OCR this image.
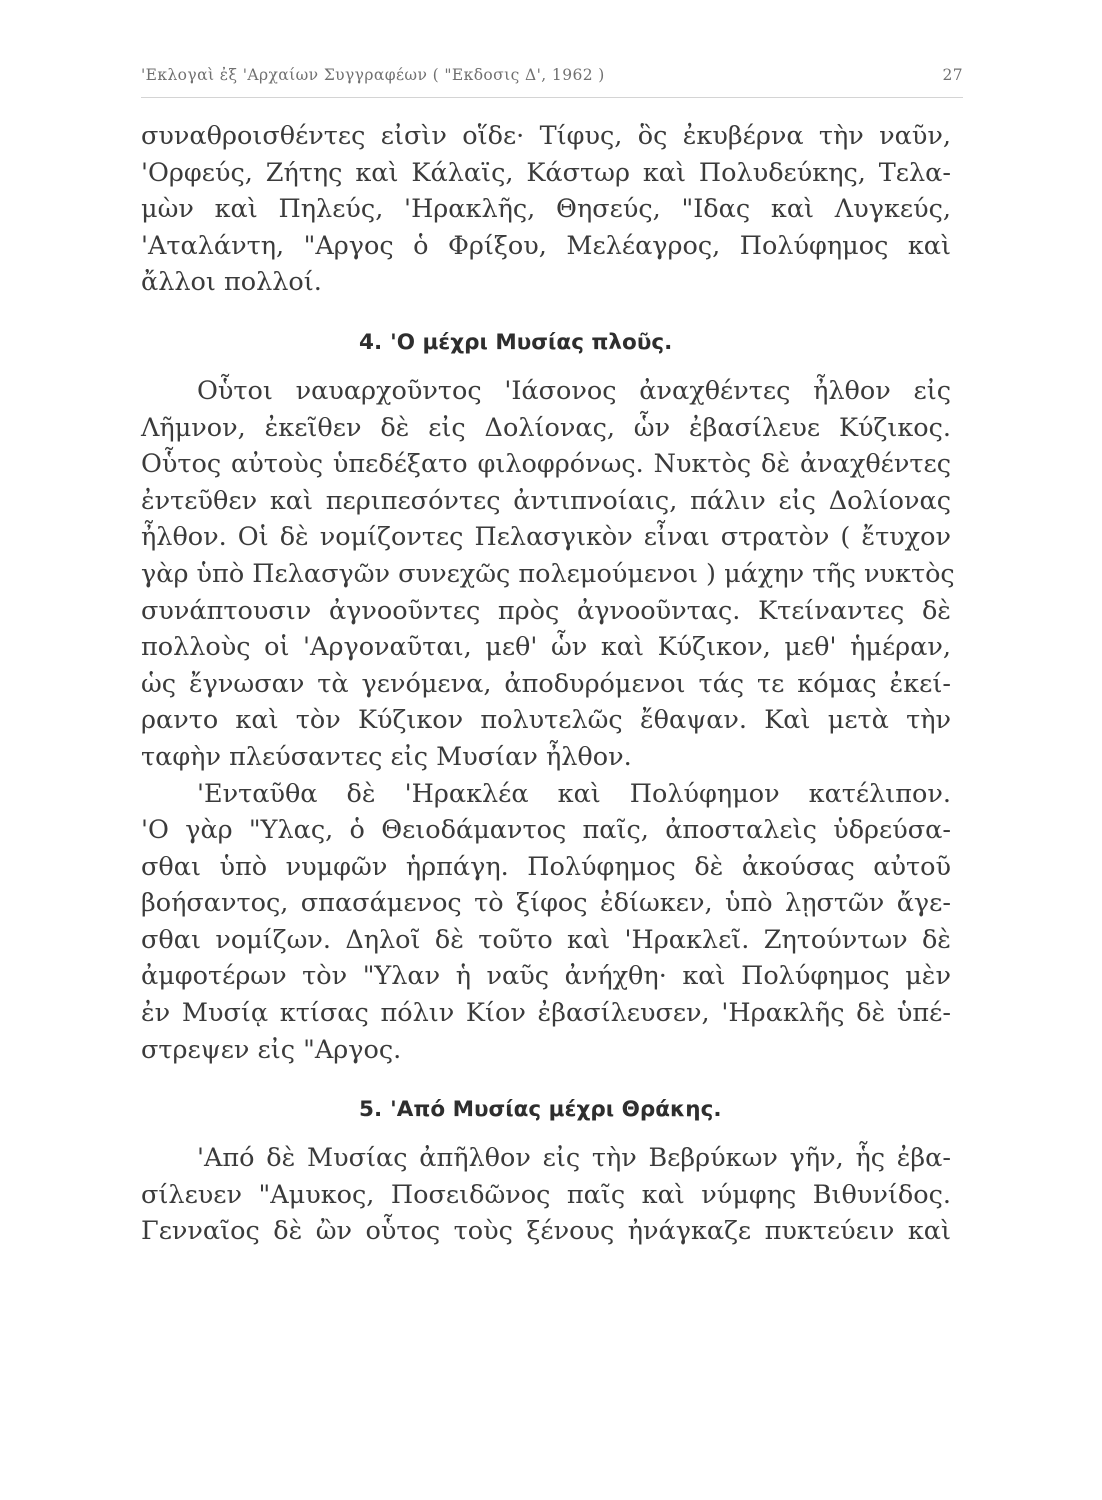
'Εκλογαὶ ἐξ 'Αρχαίων Συγγραφέων ( "Εκδοσις Δ', 1962 )	27

συναθροισθέντες εἰσὶν οἵδε· Τίφυς, ὃς ἐκυβέρνα τὴν ναῦν,
'Ορφεύς, Ζήτης καὶ Κάλαϊς, Κάστωρ καὶ Πολυδεύκης, Τελα-
μὼν καὶ Πηλεύς, 'Ηρακλῆς, Θησεύς, "Ιδας καὶ Λυγκεύς,
'Αταλάντη, "Αργος ὁ Φρίξου, Μελέαγρος, Πολύφημος καὶ
ἄλλοι πολλοί.

4. 'Ο μέχρι Μυσίας πλοῦς.

Οὗτοι ναυαρχοῦντος 'Ιάσονος ἀναχθέντες ἦλθον εἰς
Λῆμνον, ἐκεῖθεν δὲ εἰς Δολίονας, ὧν ἐβασίλευε Κύζικος.
Οὗτος αὐτοὺς ὑπεδέξατο φιλοφρόνως. Νυκτὸς δὲ ἀναχθέντες
ἐντεῦθεν καὶ περιπεσόντες ἀντιπνοίαις, πάλιν εἰς Δολίονας
ἦλθον. Οἱ δὲ νομίζοντες Πελασγικὸν εἶναι στρατὸν ( ἔτυχον
γὰρ ὑπὸ Πελασγῶν συνεχῶς πολεμούμενοι ) μάχην τῆς νυκτὸς
συνάπτουσιν ἀγνοοῦντες πρὸς ἀγνοοῦντας. Κτείναντες δὲ
πολλοὺς οἱ 'Αργοναῦται, μεθ' ὧν καὶ Κύζικον, μεθ' ἡμέραν,
ὡς ἔγνωσαν τὰ γενόμενα, ἀποδυρόμενοι τάς τε κόμας ἐκεί-
ραντο καὶ τὸν Κύζικον πολυτελῶς ἔθαψαν. Καὶ μετὰ τὴν
ταφὴν πλεύσαντες εἰς Μυσίαν ἦλθον.

'Ενταῦθα δὲ 'Ηρακλέα καὶ Πολύφημον κατέλιπον.
'Ο γὰρ "Υλας, ὁ Θειοδάμαντος παῖς, ἀποσταλεὶς ὑδρεύσα-
σθαι ὑπὸ νυμφῶν ἡρπάγη. Πολύφημος δὲ ἀκούσας αὐτοῦ
βοήσαντος, σπασάμενος τὸ ξίφος ἐδίωκεν, ὑπὸ λῃστῶν ἄγε-
σθαι νομίζων. Δηλοῖ δὲ τοῦτο καὶ 'Ηρακλεῖ. Ζητούντων δὲ
ἀμφοτέρων τὸν "Υλαν ἡ ναῦς ἀνήχθη· καὶ Πολύφημος μὲν
ἐν Μυσίᾳ κτίσας πόλιν Κίον ἐβασίλευσεν, 'Ηρακλῆς δὲ ὑπέ-
στρεψεν εἰς "Αργος.

5. 'Από Μυσίας μέχρι Θράκης.

'Από δὲ Μυσίας ἀπῆλθον εἰς τὴν Βεβρύκων γῆν, ἧς ἐβα-
σίλευεν "Αμυκος, Ποσειδῶνος παῖς καὶ νύμφης Βιθυνίδος.
Γενναῖος δὲ ὢν οὗτος τοὺς ξένους ἠνάγκαζε πυκτεύειν καὶ
